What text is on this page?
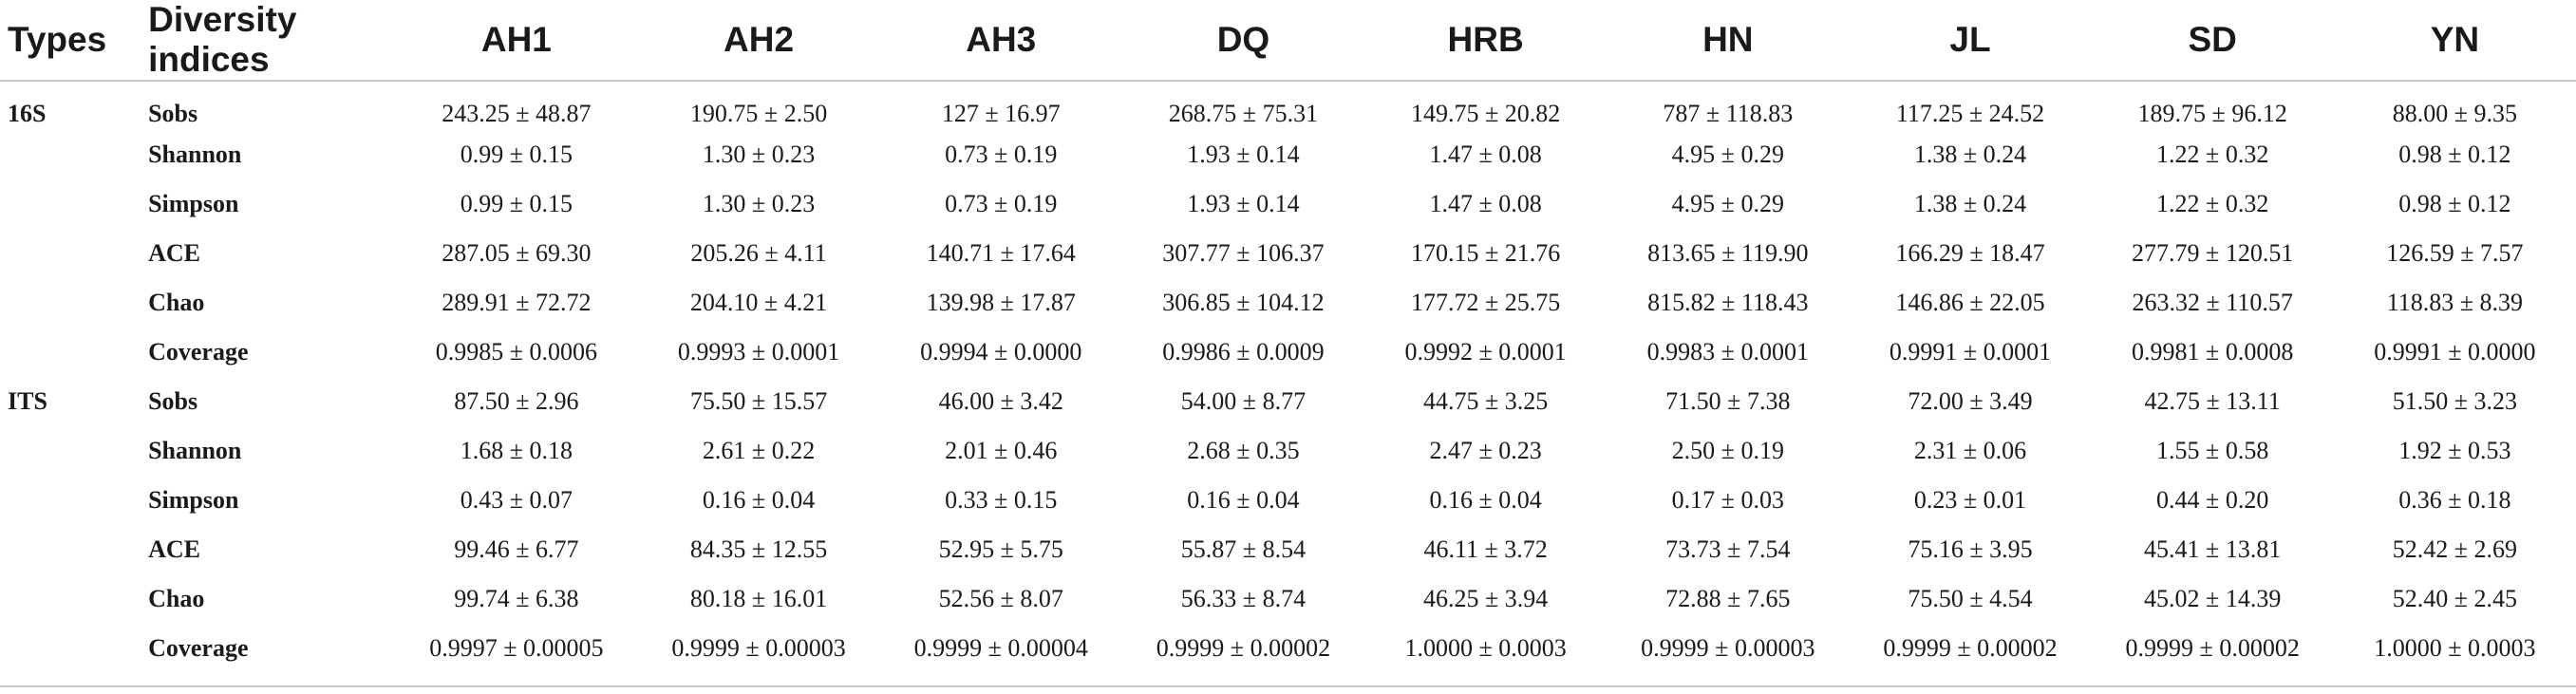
Types	Diversity indices	AH1	AH2	AH3	DQ	HRB	HN	JL	SD	YN
16S	Sobs	243.25 ± 48.87	190.75 ± 2.50	127 ± 16.97	268.75 ± 75.31	149.75 ± 20.82	787 ± 118.83	117.25 ± 24.52	189.75 ± 96.12	88.00 ± 9.35
	Shannon	0.99 ± 0.15	1.30 ± 0.23	0.73 ± 0.19	1.93 ± 0.14	1.47 ± 0.08	4.95 ± 0.29	1.38 ± 0.24	1.22 ± 0.32	0.98 ± 0.12
	Simpson	0.99 ± 0.15	1.30 ± 0.23	0.73 ± 0.19	1.93 ± 0.14	1.47 ± 0.08	4.95 ± 0.29	1.38 ± 0.24	1.22 ± 0.32	0.98 ± 0.12
	ACE	287.05 ± 69.30	205.26 ± 4.11	140.71 ± 17.64	307.77 ± 106.37	170.15 ± 21.76	813.65 ± 119.90	166.29 ± 18.47	277.79 ± 120.51	126.59 ± 7.57
	Chao	289.91 ± 72.72	204.10 ± 4.21	139.98 ± 17.87	306.85 ± 104.12	177.72 ± 25.75	815.82 ± 118.43	146.86 ± 22.05	263.32 ± 110.57	118.83 ± 8.39
	Coverage	0.9985 ± 0.0006	0.9993 ± 0.0001	0.9994 ± 0.0000	0.9986 ± 0.0009	0.9992 ± 0.0001	0.9983 ± 0.0001	0.9991 ± 0.0001	0.9981 ± 0.0008	0.9991 ± 0.0000
ITS	Sobs	87.50 ± 2.96	75.50 ± 15.57	46.00 ± 3.42	54.00 ± 8.77	44.75 ± 3.25	71.50 ± 7.38	72.00 ± 3.49	42.75 ± 13.11	51.50 ± 3.23
	Shannon	1.68 ± 0.18	2.61 ± 0.22	2.01 ± 0.46	2.68 ± 0.35	2.47 ± 0.23	2.50 ± 0.19	2.31 ± 0.06	1.55 ± 0.58	1.92 ± 0.53
	Simpson	0.43 ± 0.07	0.16 ± 0.04	0.33 ± 0.15	0.16 ± 0.04	0.16 ± 0.04	0.17 ± 0.03	0.23 ± 0.01	0.44 ± 0.20	0.36 ± 0.18
	ACE	99.46 ± 6.77	84.35 ± 12.55	52.95 ± 5.75	55.87 ± 8.54	46.11 ± 3.72	73.73 ± 7.54	75.16 ± 3.95	45.41 ± 13.81	52.42 ± 2.69
	Chao	99.74 ± 6.38	80.18 ± 16.01	52.56 ± 8.07	56.33 ± 8.74	46.25 ± 3.94	72.88 ± 7.65	75.50 ± 4.54	45.02 ± 14.39	52.40 ± 2.45
	Coverage	0.9997 ± 0.00005	0.9999 ± 0.00003	0.9999 ± 0.00004	0.9999 ± 0.00002	1.0000 ± 0.0003	0.9999 ± 0.00003	0.9999 ± 0.00002	0.9999 ± 0.00002	1.0000 ± 0.0003
